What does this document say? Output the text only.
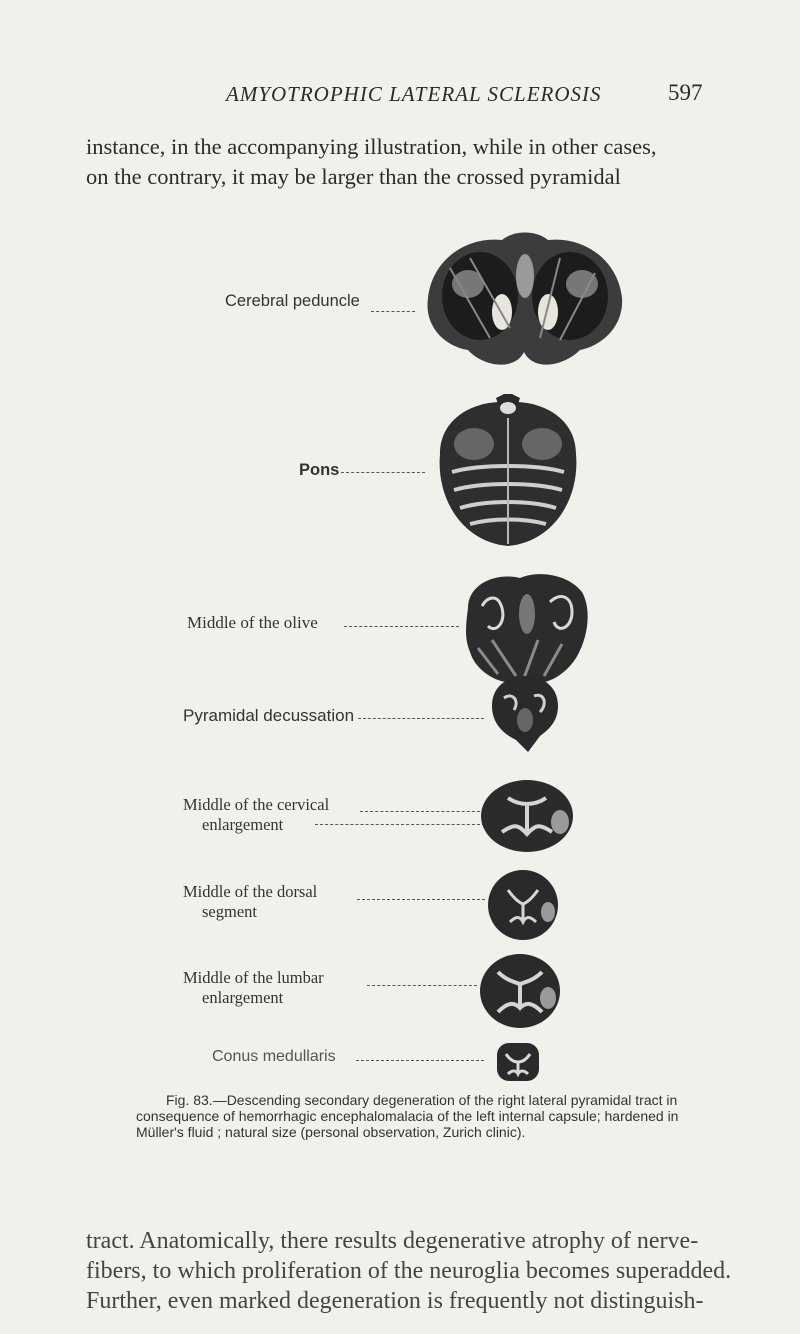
AMYOTROPHIC LATERAL SCLEROSIS	597
instance, in the accompanying illustration, while in other cases,
on the contrary, it may be larger than the crossed pyramidal
Cerebral peduncle
Pons
Middle of the olive
Pyramidal decussation
Middle of the cervical
enlargement
Middle of the dorsal
segment
Middle of the lumbar
enlargement
Conus medullaris
Fig. 83.—Descending secondary degeneration of the right lateral pyramidal tract in
consequence of hemorrhagic encephalomalacia of the left internal capsule; hardened in
Müller's fluid ; natural size (personal observation, Zurich clinic).
tract. Anatomically, there results degenerative atrophy of nerve-
fibers, to which proliferation of the neuroglia becomes superadded.
Further, even marked degeneration is frequently not distinguish-
